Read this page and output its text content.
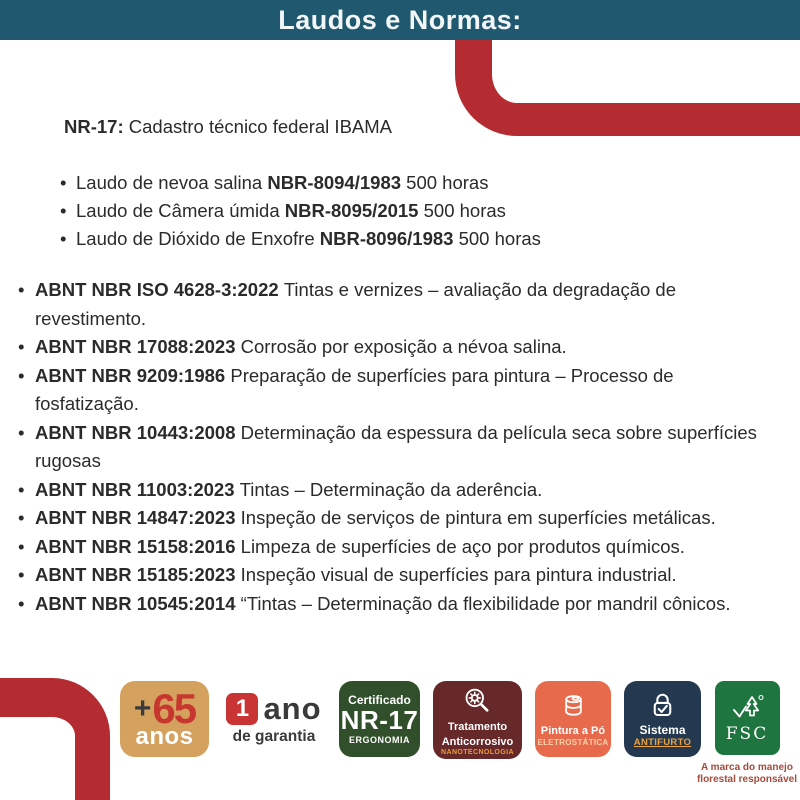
Laudos e Normas:

NR-17: Cadastro técnico federal IBAMA

• Laudo de nevoa salina NBR-8094/1983 500 horas
• Laudo de Câmera úmida NBR-8095/2015 500 horas
• Laudo de Dióxido de Enxofre NBR-8096/1983 500 horas
• ABNT NBR ISO 4628-3:2022 Tintas e vernizes – avaliação da degradação de revestimento.
• ABNT NBR 17088:2023 Corrosão por exposição a névoa salina.
• ABNT NBR 9209:1986 Preparação de superfícies para pintura – Processo de fosfatização.
• ABNT NBR 10443:2008 Determinação da espessura da película seca sobre superfícies rugosas
• ABNT NBR 11003:2023 Tintas – Determinação da aderência.
• ABNT NBR 14847:2023 Inspeção de serviços de pintura em superfícies metálicas.
• ABNT NBR 15158:2016 Limpeza de superfícies de aço por produtos químicos.
• ABNT NBR 15185:2023 Inspeção visual de superfícies para pintura industrial.
• ABNT NBR 10545:2014 “Tintas – Determinação da flexibilidade por mandril cônicos.
+ 65
anos
1 ano
de garantia
Certificado
NR-17
ERGONOMIA
Tratamento
Anticorrosivo
NANOTECNOLOGIA
Pintura a Pó
ELETROSTÁTICA
Sistema
ANTIFURTO FSC
A marca do manejo florestal responsável
